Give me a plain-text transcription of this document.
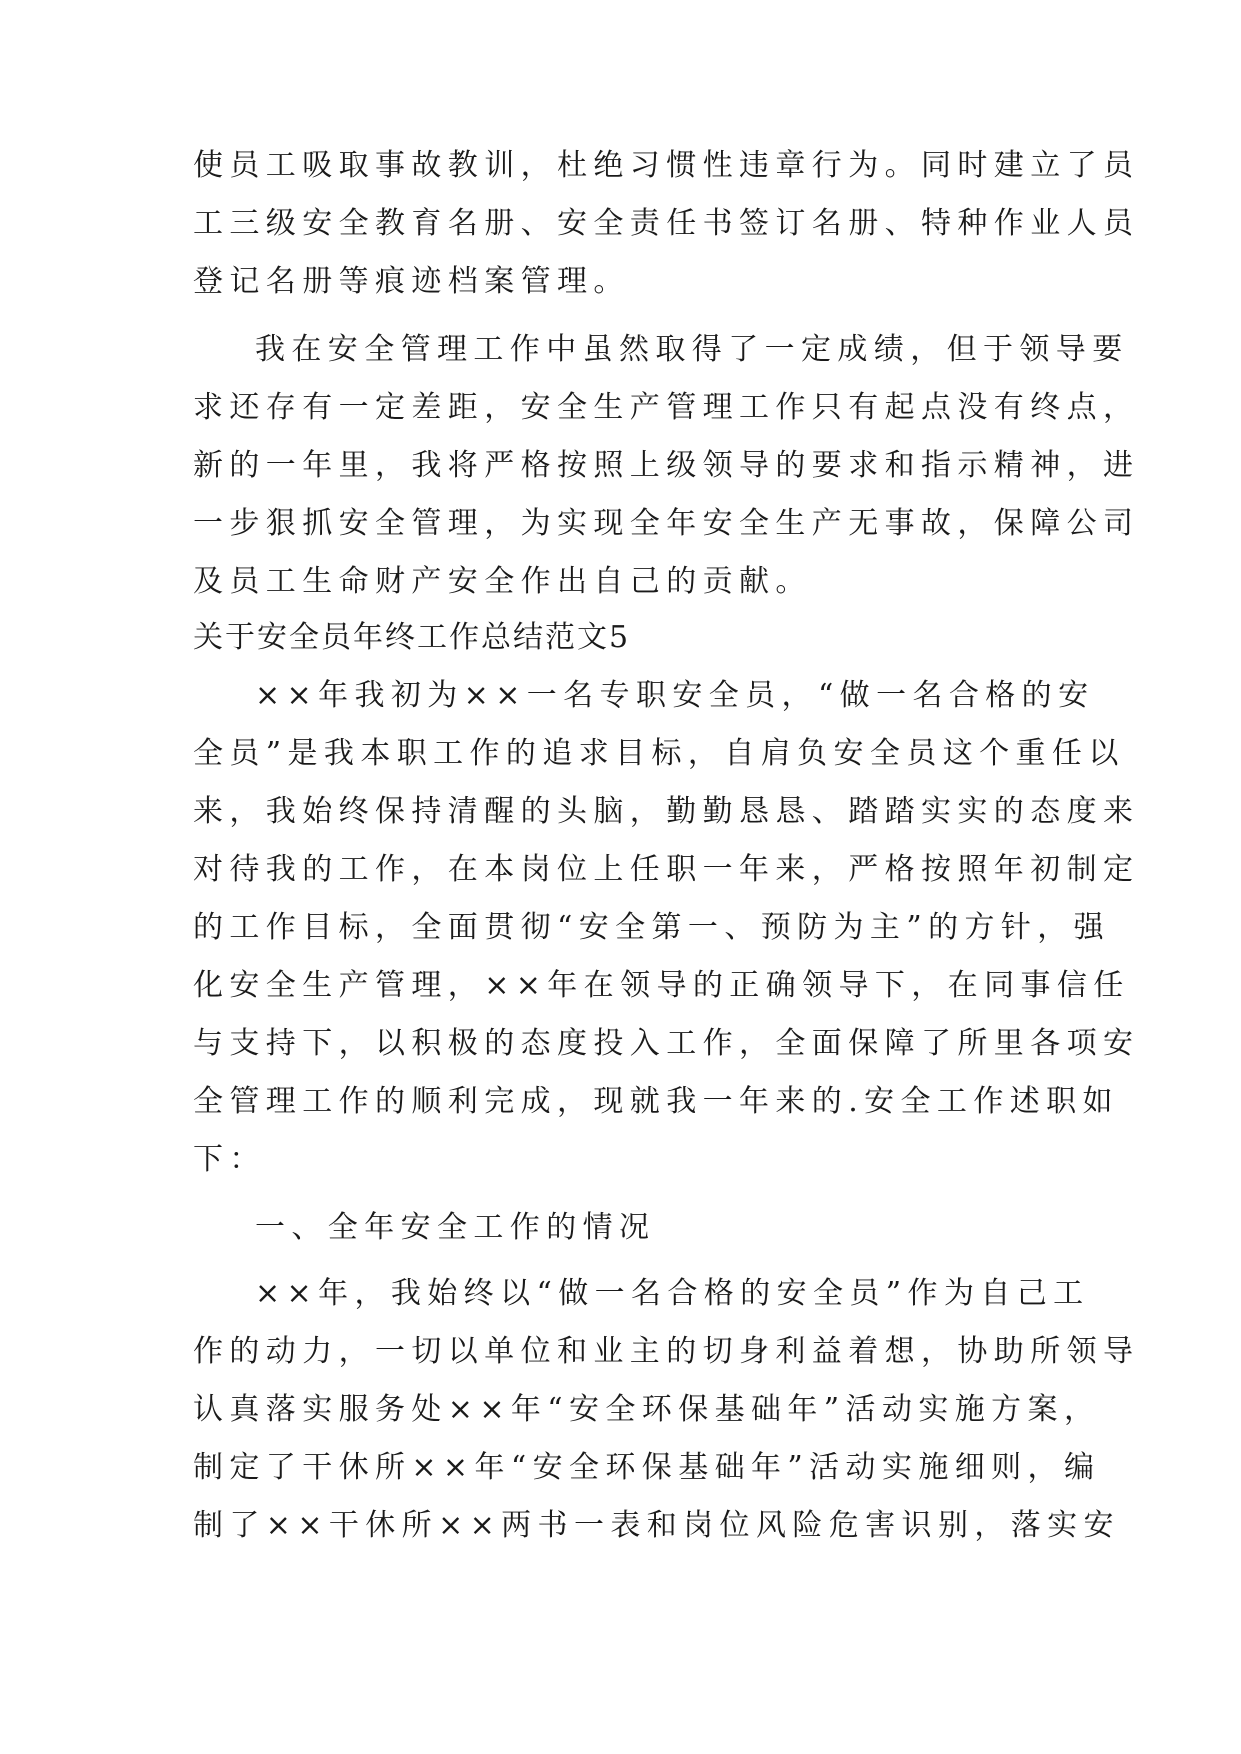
使员工吸取事故教训，杜绝习惯性违章行为。同时建立了员
工三级安全教育名册、安全责任书签订名册、特种作业人员
登记名册等痕迹档案管理。
我在安全管理工作中虽然取得了一定成绩，但于领导要
求还存有一定差距，安全生产管理工作只有起点没有终点，
新的一年里，我将严格按照上级领导的要求和指示精神，进
一步狠抓安全管理，为实现全年安全生产无事故，保障公司
及员工生命财产安全作出自己的贡献。
关于安全员年终工作总结范文5
××年我初为××一名专职安全员，“做一名合格的安
全员”是我本职工作的追求目标，自肩负安全员这个重任以
来，我始终保持清醒的头脑，勤勤恳恳、踏踏实实的态度来
对待我的工作，在本岗位上任职一年来，严格按照年初制定
的工作目标，全面贯彻“安全第一、预防为主”的方针，强
化安全生产管理，××年在领导的正确领导下，在同事信任
与支持下，以积极的态度投入工作，全面保障了所里各项安
全管理工作的顺利完成，现就我一年来的.安全工作述职如
下：
一、全年安全工作的情况
××年，我始终以“做一名合格的安全员”作为自己工
作的动力，一切以单位和业主的切身利益着想，协助所领导
认真落实服务处××年“安全环保基础年”活动实施方案，
制定了干休所××年“安全环保基础年”活动实施细则，编
制了××干休所××两书一表和岗位风险危害识别，落实安
